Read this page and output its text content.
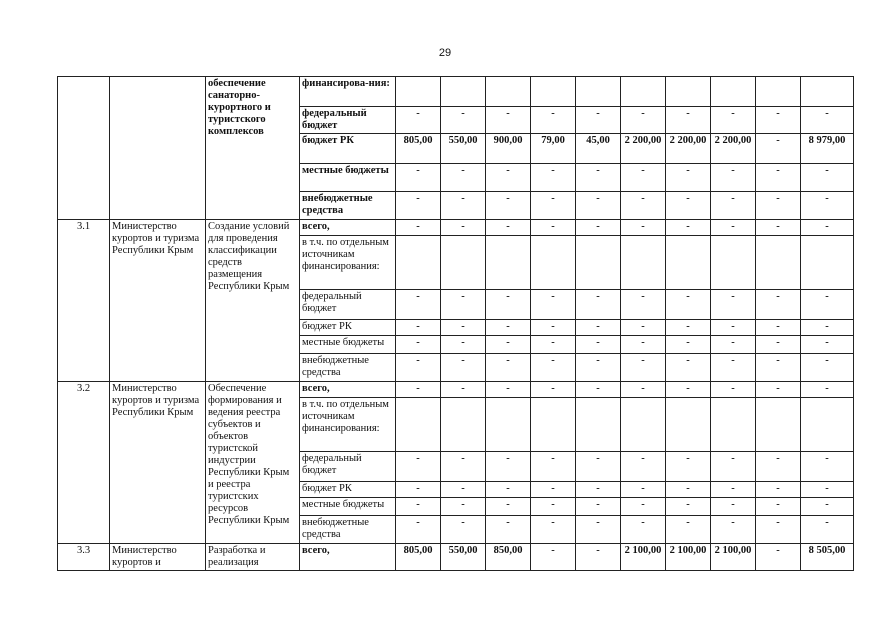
29
		обеспечение санаторно-курортного и туристского комплексов	финансирова-ния:										
			федеральный бюджет	-	-	-	-	-	-	-	-	-	-
			бюджет РК	805,00	550,00	900,00	79,00	45,00	2 200,00	2 200,00	2 200,00	-	8 979,00
			местные бюджеты	-	-	-	-	-	-	-	-	-	-
			внебюджетные средства	-	-	-	-	-	-	-	-	-	-
3.1	Министерство курортов и туризма Республики Крым	Создание условий для проведения классификации средств размещения Республики Крым	всего,	-	-	-	-	-	-	-	-	-	-
			в т.ч. по отдельным источникам финансирования:										
			федеральный бюджет	-	-	-	-	-	-	-	-	-	-
			бюджет РК	-	-	-	-	-	-	-	-	-	-
			местные бюджеты	-	-	-	-	-	-	-	-	-	-
			внебюджетные средства	-	-	-	-	-	-	-	-	-	-
3.2	Министерство курортов и туризма Республики Крым	Обеспечение формирования и ведения реестра субъектов и объектов туристской индустрии Республики Крым и реестра туристских ресурсов Республики Крым	всего,	-	-	-	-	-	-	-	-	-	-
			в т.ч. по отдельным источникам финансирования:										
			федеральный бюджет	-	-	-	-	-	-	-	-	-	-
			бюджет РК	-	-	-	-	-	-	-	-	-	-
			местные бюджеты	-	-	-	-	-	-	-	-	-	-
			внебюджетные средства	-	-	-	-	-	-	-	-	-	-
3.3	Министерство курортов и	Разработка и реализация	всего,	805,00	550,00	850,00	-	-	2 100,00	2 100,00	2 100,00	-	8 505,00
